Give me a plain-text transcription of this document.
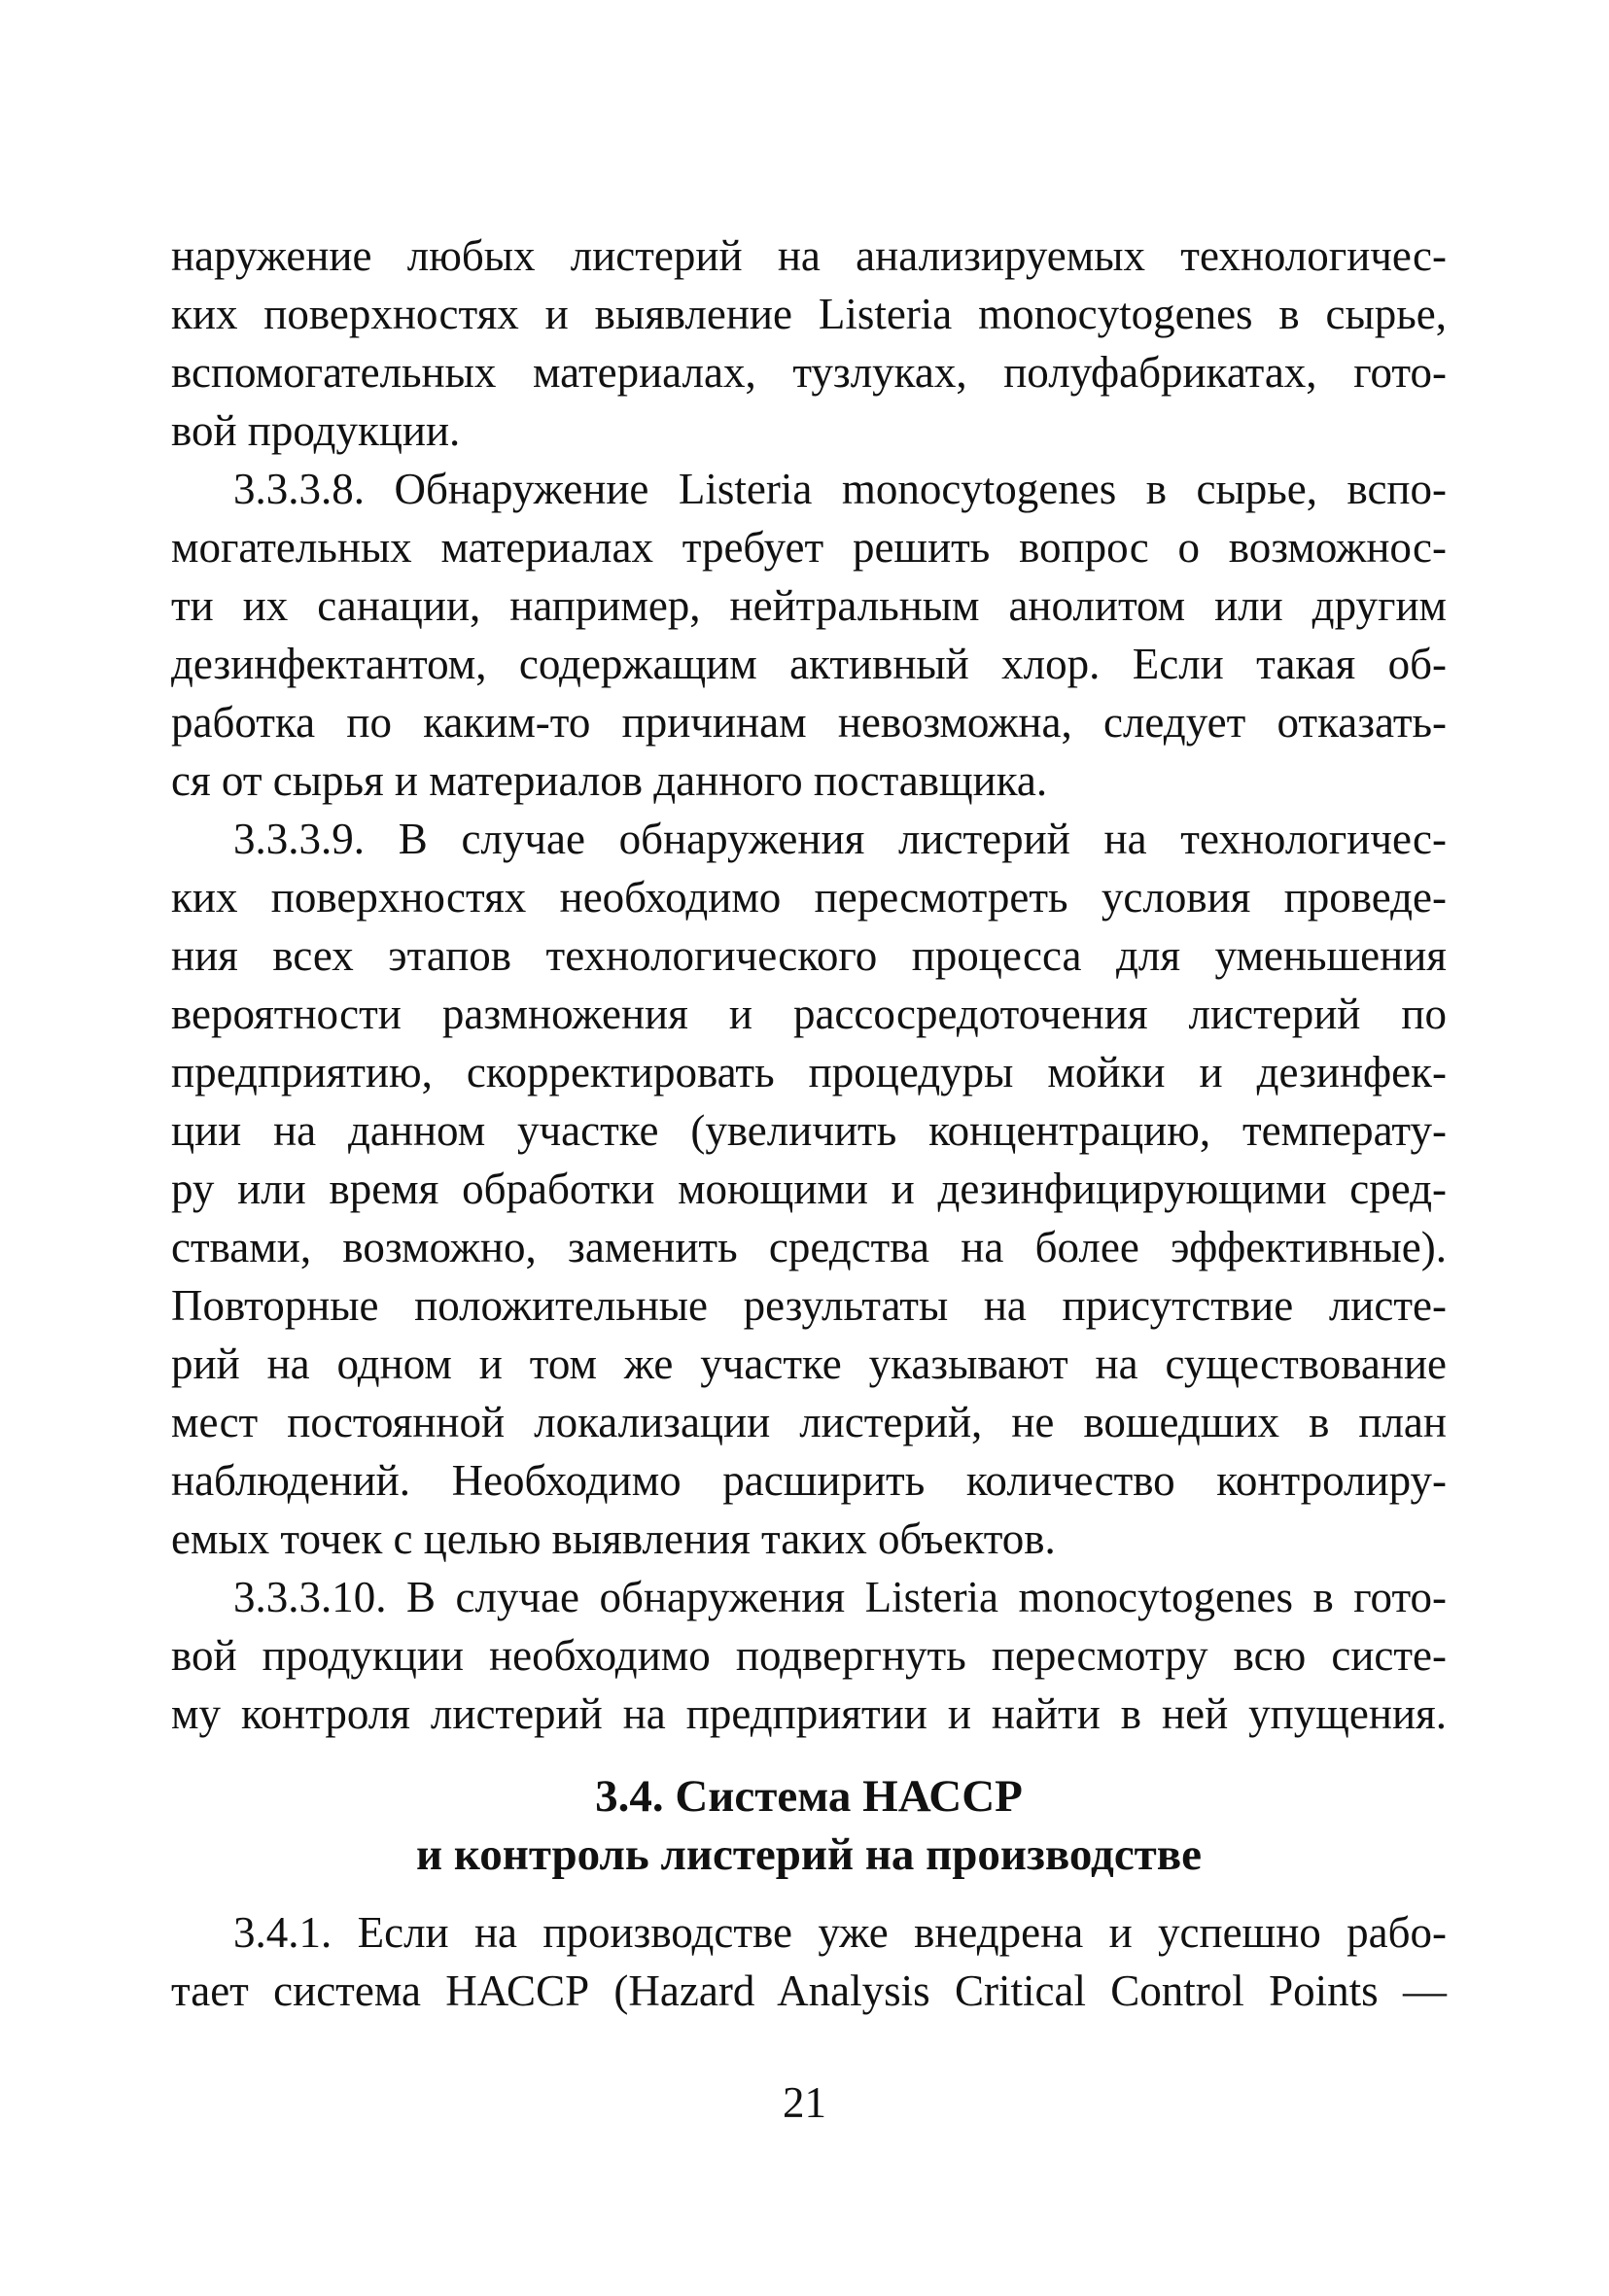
наружение любых листерий на анализируемых технологичес-
ких поверхностях и выявление Listeria monocytogenes в сырье,
вспомогательных материалах, тузлуках, полуфабрикатах, гото-
вой продукции.
3.3.3.8. Обнаружение Listeria monocytogenes в сырье, вспо-
могательных материалах требует решить вопрос о возможнос-
ти их санации, например, нейтральным анолитом или другим
дезинфектантом, содержащим активный хлор. Если такая об-
работка по каким-то причинам невозможна, следует отказать-
ся от сырья и материалов данного поставщика.
3.3.3.9. В случае обнаружения листерий на технологичес-
ких поверхностях необходимо пересмотреть условия проведе-
ния всех этапов технологического процесса для уменьшения
вероятности размножения и рассосредоточения листерий по
предприятию, скорректировать процедуры мойки и дезинфек-
ции на данном участке (увеличить концентрацию, температу-
ру или время обработки моющими и дезинфицирующими сред-
ствами, возможно, заменить средства на более эффективные).
Повторные положительные результаты на присутствие листе-
рий на одном и том же участке указывают на существование
мест постоянной локализации листерий, не вошедших в план
наблюдений. Необходимо расширить количество контролиру-
емых точек с целью выявления таких объектов.
3.3.3.10. В случае обнаружения Listeria monocytogenes в гото-
вой продукции необходимо подвергнуть пересмотру всю систе-
му контроля листерий на предприятии и найти в ней упущения.
3.4. Система НАССР
и контроль листерий на производстве
3.4.1. Если на производстве уже внедрена и успешно рабо-
тает система НАССР (Hazard Analysis Critical Control Points —
21
